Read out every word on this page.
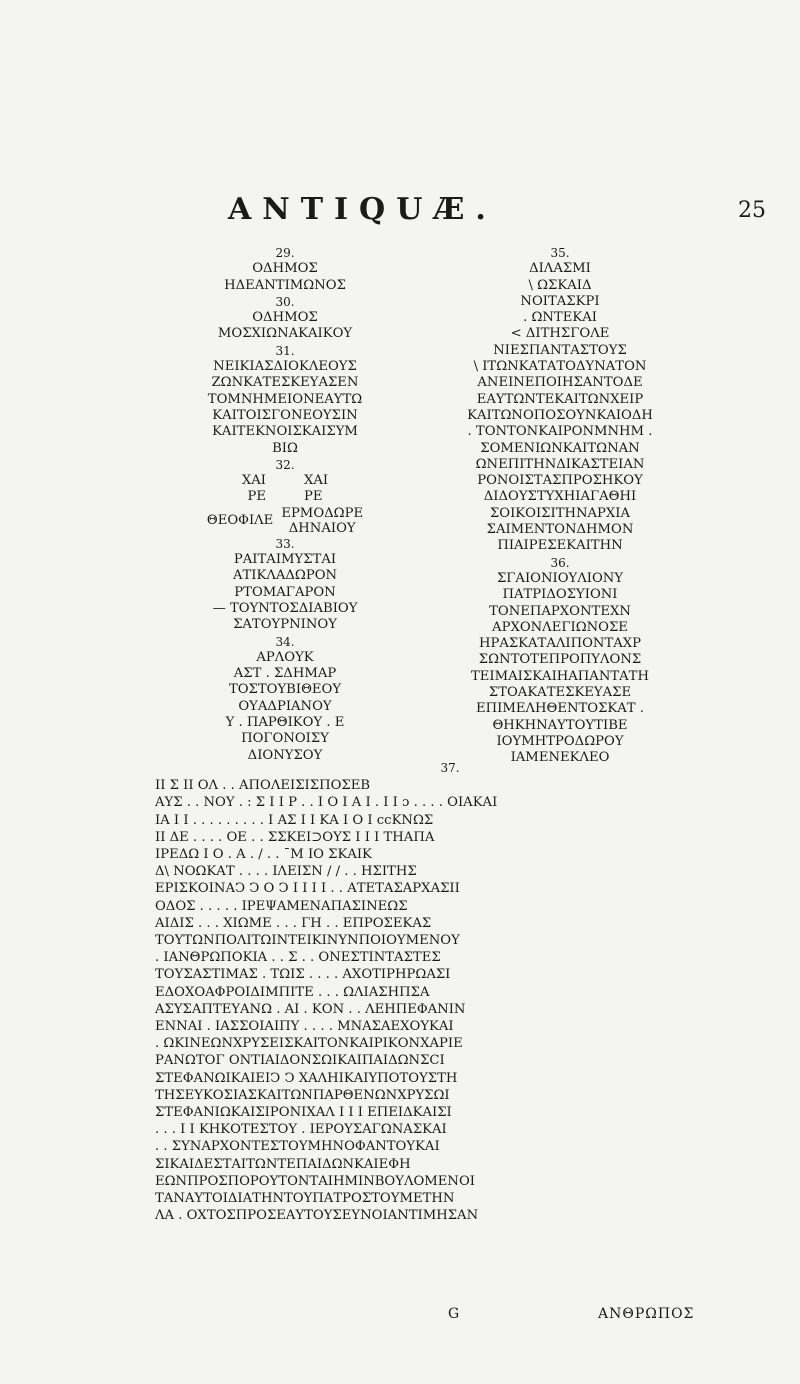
ANTIQUÆ.	25
29.
ΟΔΗΜΟΣ
ΗΔΕΑΝΤΙΜΩΝΟΣ
30.
ΟΔΗΜΟΣ
ΜΟΣΧΙΩΝΑΚΑΙΚΟΥ
31.
ΝΕΙΚΙΑΣΔΙΟΚΛΕΟΥΣ
ΖΩΝΚΑΤΕΣΚΕΥΑΣΕΝ
ΤΟΜΝΗΜΕΙΟΝΕΑΥΤΩ
ΚΑΙΤΟΙΣΓΟΝΕΟΥΣΙΝ
ΚΑΙΤΕΚΝΟΙΣΚΑΙΣΥΜ
ΒΙΩ
32.
ΧΑΙ	ΧΑΙ
ΡΕ	ΡΕ
ΘΕΟΦΙΛΕ ΕΡΜΟΔΩΡΕ
ΔΗΝΑΙΟΥ
33.
ΡΑΙΤΑΙΜΥΣΤΑΙ
ΑΤΙΚΛΑΔΩΡΟΝ
ΡΤΟΜΑΓΑΡΟΝ
— ΤΟΥΝΤΟΣΔΙΑΒΙΟΥ
ΣΑΤΟΥΡΝΙΝΟΥ
34.
ΑΡΛΟΥΚ
ΑΣΤ . ΣΔΗΜΑΡ
ΤΟΣΤΟΥΒΙΘΕΟΥ
ΟΥΑΔΡΙΑΝΟΥ
Υ . ΠΑΡΘΙΚΟΥ . Ε
ΠΟΓΟΝΟΙΣΥ
ΔΙΟΝΥΣΟΥ
35.
ΔΙΛΑΣΜΙ
\ ΩΣΚΑΙΔ
ΝΟΙΤΑΣΚΡΙ
. ΩΝΤΕΚΑΙ
< ΔΙΤΗΣΓΟΛΕ
ΝΙΕΣΠΑΝΤΑΣΤΟΥΣ
\ ΙΤΩΝΚΑΤΑΤΟΔΥΝΑΤΟΝ
ΑΝΕΙΝΕΠΟΙΗΣΑΝΤΟΔΕ
ΕΑΥΤΩΝΤΕΚΑΙΤΩΝΧΕΙΡ
ΚΑΙΤΩΝΟΠΟΣΟΥΝΚΑΙΟΔΗ
. ΤΟΝΤΟΝΚΑΙΡΟΝΜΝΗΜ .
ΣΟΜΕΝΙΩΝΚΑΙΤΩΝΑΝ
ΩΝΕΠΙΤΗΝΔΙΚΑΣΤΕΙΑΝ
ΡΟΝΟΙΣΤΑΣΠΡΟΣΗΚΟΥ
ΔΙΔΟΥΣΤΥΧΗΙΑΓΑΘΗΙ
ΣΟΙΚΟΙΣΙΤΗΝΑΡΧΙΑ
ΣΑΙΜΕΝΤΟΝΔΗΜΟΝ
ΠΙΑΙΡΕΣΕΚΑΙΤΗΝ
36.
ΣΓΑΙΟΝΙΟΥΛΙΟΝΥ
ΠΑΤΡΙΔΟΣΥΙΟΝΙ
ΤΟΝΕΠΑΡΧΟΝΤΕΧΝ
ΑΡΧΟΝΛΕΓΙΩΝΟΣΕ
ΗΡΑΣΚΑΤΑΛΙΠΟΝΤΑΧΡ
ΣΩΝΤΟΤΕΠΡΟΠΥΛΟΝΣ
ΤΕΙΜΑΙΣΚΑΙΗΑΠΑΝΤΑΤΗ
ΣΤΟΑΚΑΤΕΣΚΕΥΑΣΕ
ΕΠΙΜΕΛΗΘΕΝΤΟΣΚΑΤ .
ΘΗΚΗΝΑΥΤΟΥΤΙΒΕ
ΙΟΥΜΗΤΡΟΔΩΡΟΥ
ΙΑΜΕΝΕΚΛΕΟ
37.
ΙΙ Σ ΙΙ ΟΛ . . ΑΠΟΛΕΙΣΙΣΠΟΣΕΒ
ΑΥΣ . . ΝΟΥ . : Σ Ι Ι Ρ . . Ι Ο Ι Α Ι . Ι Ι ɔ . . . . ΟΙΑΚΑΙ
ΙΑ Ι Ι . . . . . . . . . Ι ΑΣ Ι Ι ΚΑ Ι Ο Ι ccΚΝΩΣ
ΙΙ ΔΕ . . . . ΟΕ . . ΣΣΚΕΙ⊃ΟΥΣ Ι Ι Ι ΤΗΑΠΑ
ΙΡΕΔΩ Ι Ο . Α . / . . ¯Μ ΙΟ ΣΚΑΙΚ
Δ\ ΝΟΩΚΑΤ . . . . ΙΛΕΙΣΝ / / . . ΗΣΙΤΗΣ
ΕΡΙΣΚΟΙΝΑϽ Ͻ Ο Ͻ Ι Ι Ι Ι . . ΑΤΕΤΑΣΑΡΧΑΣΙΙ
ΟΔΟΣ . . . . . ΙΡΕΨΑΜΕΝΑΠΑΣΙΝΕΩΣ
ΑΙΔΙΣ . . . ΧΙΩΜΕ . . . ΓΗ . . ΕΠΡΟΣΕΚΑΣ
ΤΟΥΤΩΝΠΟΛΙΤΩΙΝΤΕΙΚΙΝΥΝΠΟΙΟΥΜΕΝΟΥ
. ΙΑΝΘΡΩΠΟΚΙΑ . . Σ . . ΟΝΕΣΤΙΝΤΑΣΤΕΣ
ΤΟΥΣΑΣΤΙΜΑΣ . ΤΩΙΣ . . . . ΑΧΟΤΙΡΗΡΩΑΣΙ
ΕΔΟΧΟΑΦΡΟΙΔΙΜΠΙΤΕ . . . ΩΛΙΑΣΗΠΣΑ
ΑΣΥΣΑΠΤΕΥΑΝΩ . ΑΙ . ΚΟΝ . . ΛΕΗΠΕΦΑΝΙΝ
ΕΝΝΑΙ . ΙΑΣΣΟΙΑΙΠΥ . . . . ΜΝΑΣΑΕΧΟΥΚΑΙ
. ΩΚΙΝΕΩΝΧΡΥΣΕΙΣΚΑΙΤΟΝΚΑΙΡΙΚΟΝΧΑΡΙΕ
ΡΑΝΩΤΟΓ ΟΝΤΙΑΙΔΟΝΣΩΙΚΑΙΠΑΙΔΩΝΣCΙ
ΣΤΕΦΑΝΩΙΚΑΙΕΙϽ Ͻ ΧΑΛΗΙΚΑΙΥΠΟΤΟΥΣΤΗ
ΤΗΣΕΥΚΟΣΙΑΣΚΑΙΤΩΝΠΑΡΘΕΝΩΝΧΡΥΣΩΙ
ΣΤΕΦΑΝΙΩΚΑΙΣΙΡΟΝΙΧΑΛ Ι Ι Ι ΕΠΕΙΔΚΑΙΣΙ
. . . Ι Ι ΚΗΚΟΤΕΣΤΟΥ . ΙΕΡΟΥΣΑΓΩΝΑΣΚΑΙ
. . ΣΥΝΑΡΧΟΝΤΕΣΤΟΥΜΗΝΟΦΑΝΤΟΥΚΑΙ
ΣΙΚΑΙΔΕΣΤΑΙΤΩΝΤΕΠΑΙΔΩΝΚΑΙΕΦΗ
ΕΩΝΠΡΟΣΠΟΡΟΥΤΟΝΤΑΙΗΜΙΝΒΟΥΛΟΜΕΝΟΙ
ΤΑΝΑΥΤΟΙΔΙΑΤΗΝΤΟΥΠΑΤΡΟΣΤΟΥΜΕΤΗΝ
ΛΑ . ΟΧΤΟΣΠΡΟΣΕΑΥΤΟΥΣΕΥΝΟΙΑΝΤΙΜΗΣΑΝ
G	ΑΝΘΡΩΠΟΣ
